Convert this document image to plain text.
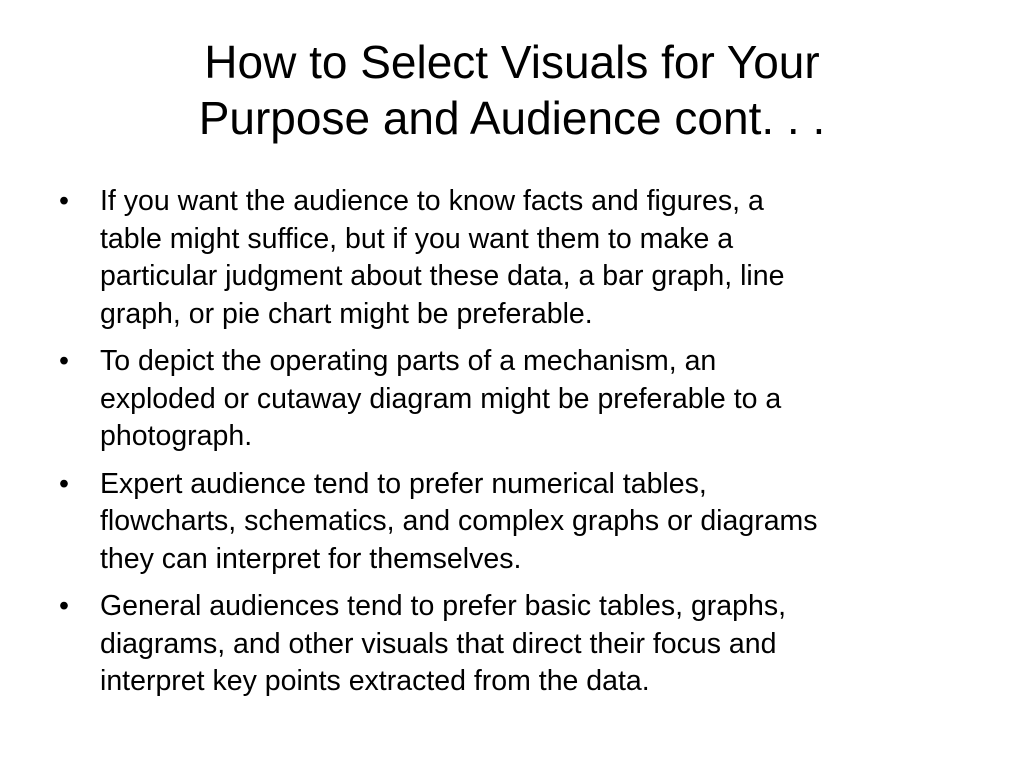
How to Select Visuals for Your
Purpose and Audience cont. . .
• If you want the audience to know facts and figures, a
table might suffice, but if you want them to make a
particular judgment about these data, a bar graph, line
graph, or pie chart might be preferable.
• To depict the operating parts of a mechanism, an
exploded or cutaway diagram might be preferable to a
photograph.
• Expert audience tend to prefer numerical tables,
flowcharts, schematics, and complex graphs or diagrams
they can interpret for themselves.
• General audiences tend to prefer basic tables, graphs,
diagrams, and other visuals that direct their focus and
interpret key points extracted from the data.
